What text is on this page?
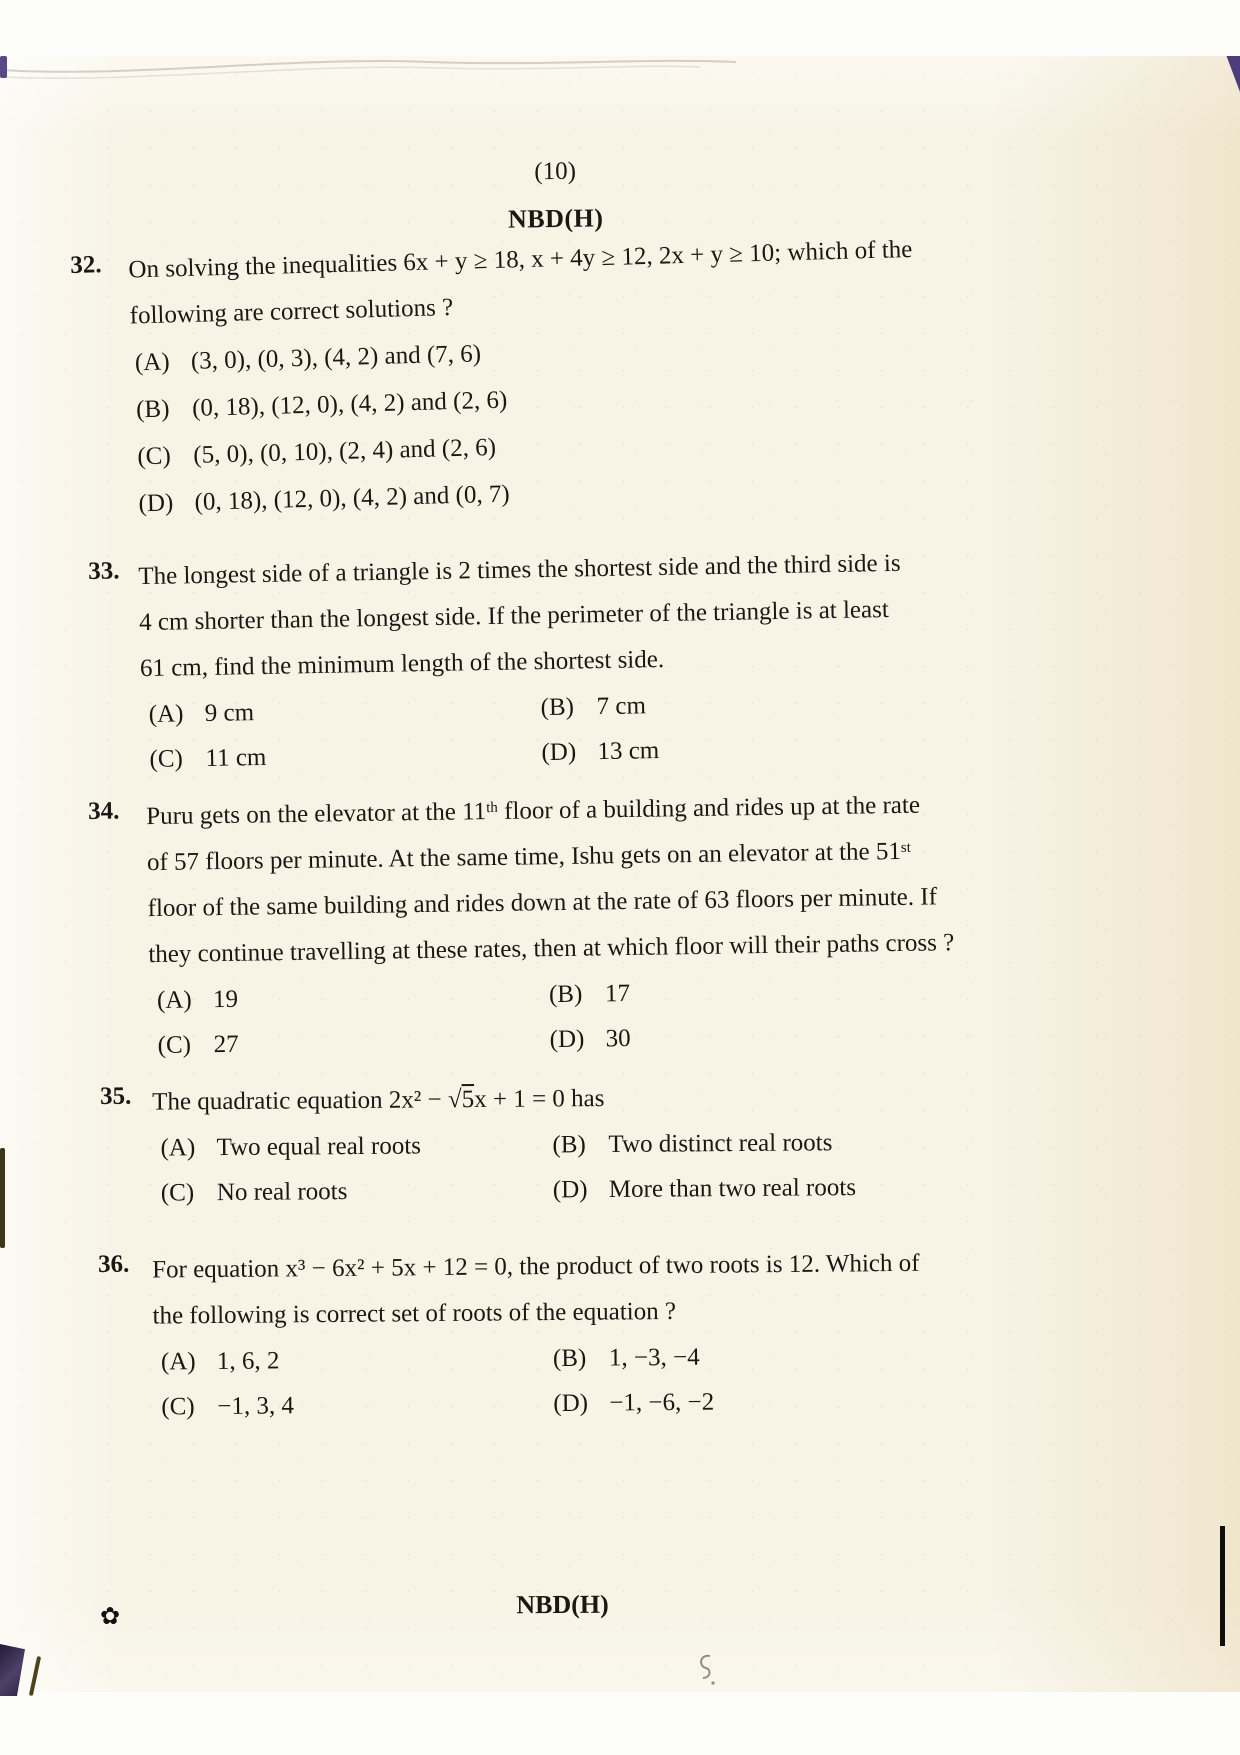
(10)
NBD(H)
32. On solving the inequalities 6x + y ≥ 18, x + 4y ≥ 12, 2x + y ≥ 10; which of the
following are correct solutions ?
(A) (3, 0), (0, 3), (4, 2) and (7, 6)
(B) (0, 18), (12, 0), (4, 2) and (2, 6)
(C) (5, 0), (0, 10), (2, 4) and (2, 6)
(D) (0, 18), (12, 0), (4, 2) and (0, 7)
33. The longest side of a triangle is 2 times the shortest side and the third side is
4 cm shorter than the longest side. If the perimeter of the triangle is at least
61 cm, find the minimum length of the shortest side.
(A) 9 cm	(B) 7 cm
(C) 11 cm	(D) 13 cm
34. Puru gets on the elevator at the 11th floor of a building and rides up at the rate
of 57 floors per minute. At the same time, Ishu gets on an elevator at the 51st
floor of the same building and rides down at the rate of 63 floors per minute. If
they continue travelling at these rates, then at which floor will their paths cross ?
(A) 19	(B) 17
(C) 27	(D) 30
35. The quadratic equation 2x² − √5x + 1 = 0 has
(A) Two equal real roots	(B) Two distinct real roots
(C) No real roots	(D) More than two real roots
36. For equation x³ − 6x² + 5x + 12 = 0, the product of two roots is 12. Which of
the following is correct set of roots of the equation ?
(A) 1, 6, 2	(B) 1, −3, −4
(C) −1, 3, 4	(D) −1, −6, −2
✿	NBD(H)
